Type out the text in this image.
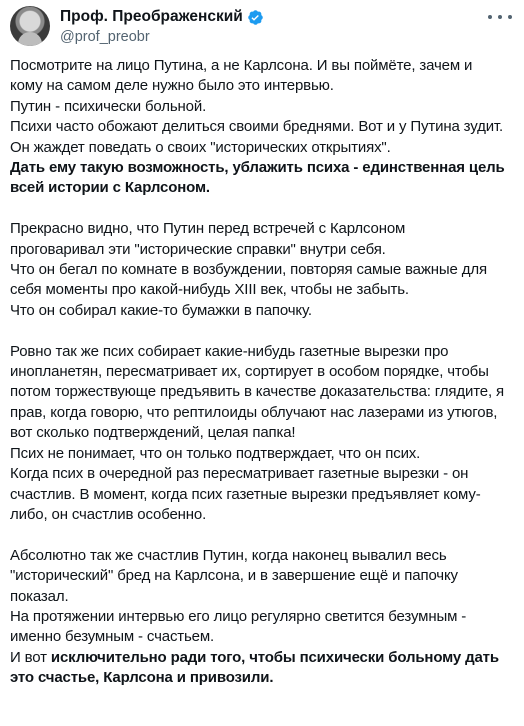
Проф. Преображенский
@prof_preobr
Посмотрите на лицо Путина, а не Карлсона. И вы поймёте, зачем и
кому на самом деле нужно было это интервью.
Путин - психически больной.
Психи часто обожают делиться своими бреднями. Вот и у Путина зудит.
Он жаждет поведать о своих "исторических открытиях".
Дать ему такую возможность, ублажить психа - единственная цель
всей истории с Карлсоном.
Прекрасно видно, что Путин перед встречей с Карлсоном
проговаривал эти "исторические справки" внутри себя.
Что он бегал по комнате в возбуждении, повторяя самые важные для
себя моменты про какой-нибудь XIII век, чтобы не забыть.
Что он собирал какие-то бумажки в папочку.
Ровно так же псих собирает какие-нибудь газетные вырезки про
инопланетян, пересматривает их, сортирует в особом порядке, чтобы
потом торжествующе предъявить в качестве доказательства: глядите, я
прав, когда говорю, что рептилоиды облучают нас лазерами из утюгов,
вот сколько подтверждений, целая папка!
Псих не понимает, что он только подтверждает, что он псих.
Когда псих в очередной раз пересматривает газетные вырезки - он
счастлив. В момент, когда псих газетные вырезки предъявляет кому-
либо, он счастлив особенно.
Абсолютно так же счастлив Путин, когда наконец вывалил весь
"исторический" бред на Карлсона, и в завершение ещё и папочку
показал.
На протяжении интервью его лицо регулярно светится безумным -
именно безумным - счастьем.
И вот исключительно ради того, чтобы психически больному дать
это счастье, Карлсона и привозили.
